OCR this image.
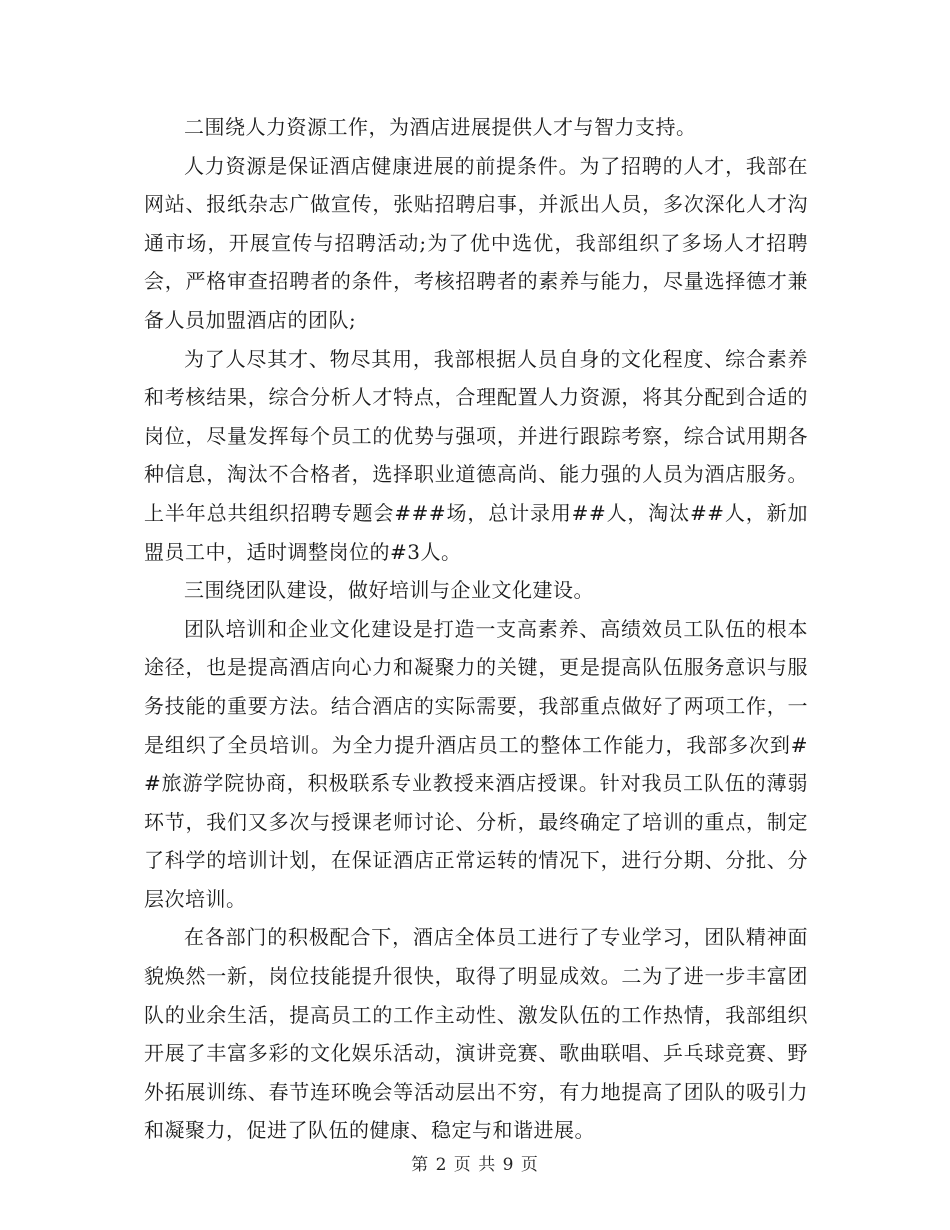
二围绕人力资源工作，为酒店进展提供人才与智力支持。

人力资源是保证酒店健康进展的前提条件。为了招聘的人才，我部在网站、报纸杂志广做宣传，张贴招聘启事，并派出人员，多次深化人才沟通市场，开展宣传与招聘活动;为了优中选优，我部组织了多场人才招聘会，严格审查招聘者的条件，考核招聘者的素养与能力，尽量选择德才兼备人员加盟酒店的团队;

为了人尽其才、物尽其用，我部根据人员自身的文化程度、综合素养和考核结果，综合分析人才特点，合理配置人力资源，将其分配到合适的岗位，尽量发挥每个员工的优势与强项，并进行跟踪考察，综合试用期各种信息，淘汰不合格者，选择职业道德高尚、能力强的人员为酒店服务。上半年总共组织招聘专题会###场，总计录用##人，淘汰##人，新加盟员工中，适时调整岗位的#3人。

三围绕团队建设，做好培训与企业文化建设。

团队培训和企业文化建设是打造一支高素养、高绩效员工队伍的根本途径，也是提高酒店向心力和凝聚力的关键，更是提高队伍服务意识与服务技能的重要方法。结合酒店的实际需要，我部重点做好了两项工作，一是组织了全员培训。为全力提升酒店员工的整体工作能力，我部多次到##旅游学院协商，积极联系专业教授来酒店授课。针对我员工队伍的薄弱环节，我们又多次与授课老师讨论、分析，最终确定了培训的重点，制定了科学的培训计划，在保证酒店正常运转的情况下，进行分期、分批、分层次培训。

在各部门的积极配合下，酒店全体员工进行了专业学习，团队精神面貌焕然一新，岗位技能提升很快，取得了明显成效。二为了进一步丰富团队的业余生活，提高员工的工作主动性、激发队伍的工作热情，我部组织开展了丰富多彩的文化娱乐活动，演讲竞赛、歌曲联唱、乒乓球竞赛、野外拓展训练、春节连环晚会等活动层出不穷，有力地提高了团队的吸引力和凝聚力，促进了队伍的健康、稳定与和谐进展。

第 2 页 共 9 页
